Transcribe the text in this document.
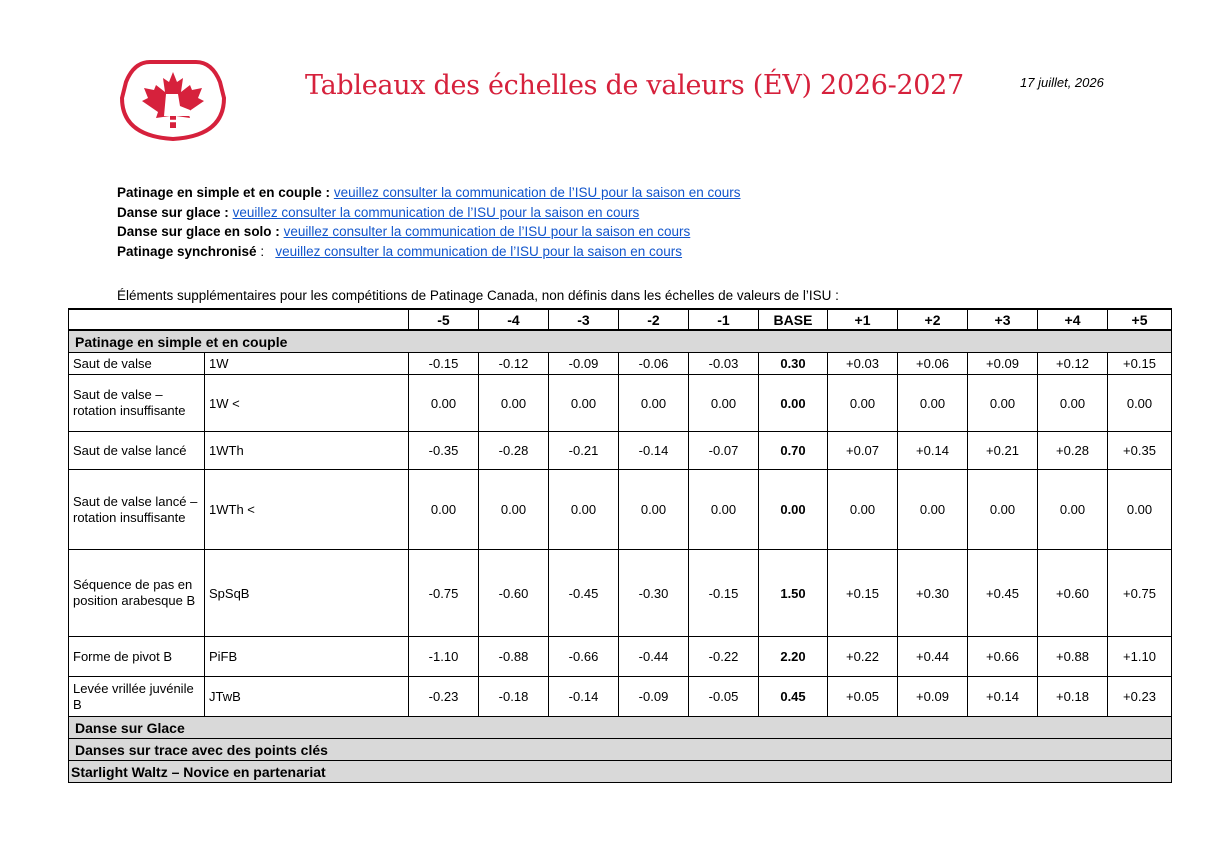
Tableaux des échelles de valeurs (ÉV) 2026-2027	17 juillet, 2026
Patinage en simple et en couple : veuillez consulter la communication de l’ISU pour la saison en cours
Danse sur glace : veuillez consulter la communication de l’ISU pour la saison en cours
Danse sur glace en solo : veuillez consulter la communication de l’ISU pour la saison en cours
Patinage synchronisé :   veuillez consulter la communication de l’ISU pour la saison en cours
Éléments supplémentaires pour les compétitions de Patinage Canada, non définis dans les échelles de valeurs de l’ISU :
		-5	-4	-3	-2	-1	BASE	+1	+2	+3	+4	+5
Patinage en simple et en couple												
Saut de valse	1W	-0.15	-0.12	-0.09	-0.06	-0.03	0.30	+0.03	+0.06	+0.09	+0.12	+0.15
Saut de valse – rotation insuffisante	1W <	0.00	0.00	0.00	0.00	0.00	0.00	0.00	0.00	0.00	0.00	0.00
Saut de valse lancé	1WTh	-0.35	-0.28	-0.21	-0.14	-0.07	0.70	+0.07	+0.14	+0.21	+0.28	+0.35
Saut de valse lancé – rotation insuffisante	1WTh <	0.00	0.00	0.00	0.00	0.00	0.00	0.00	0.00	0.00	0.00	0.00
Séquence de pas en position arabesque B	SpSqB	-0.75	-0.60	-0.45	-0.30	-0.15	1.50	+0.15	+0.30	+0.45	+0.60	+0.75
Forme de pivot B	PiFB	-1.10	-0.88	-0.66	-0.44	-0.22	2.20	+0.22	+0.44	+0.66	+0.88	+1.10
Levée vrillée juvénile B	JTwB	-0.23	-0.18	-0.14	-0.09	-0.05	0.45	+0.05	+0.09	+0.14	+0.18	+0.23
Danse sur Glace												
Danses sur trace avec des points clés												
Starlight Waltz – Novice en partenariat												
